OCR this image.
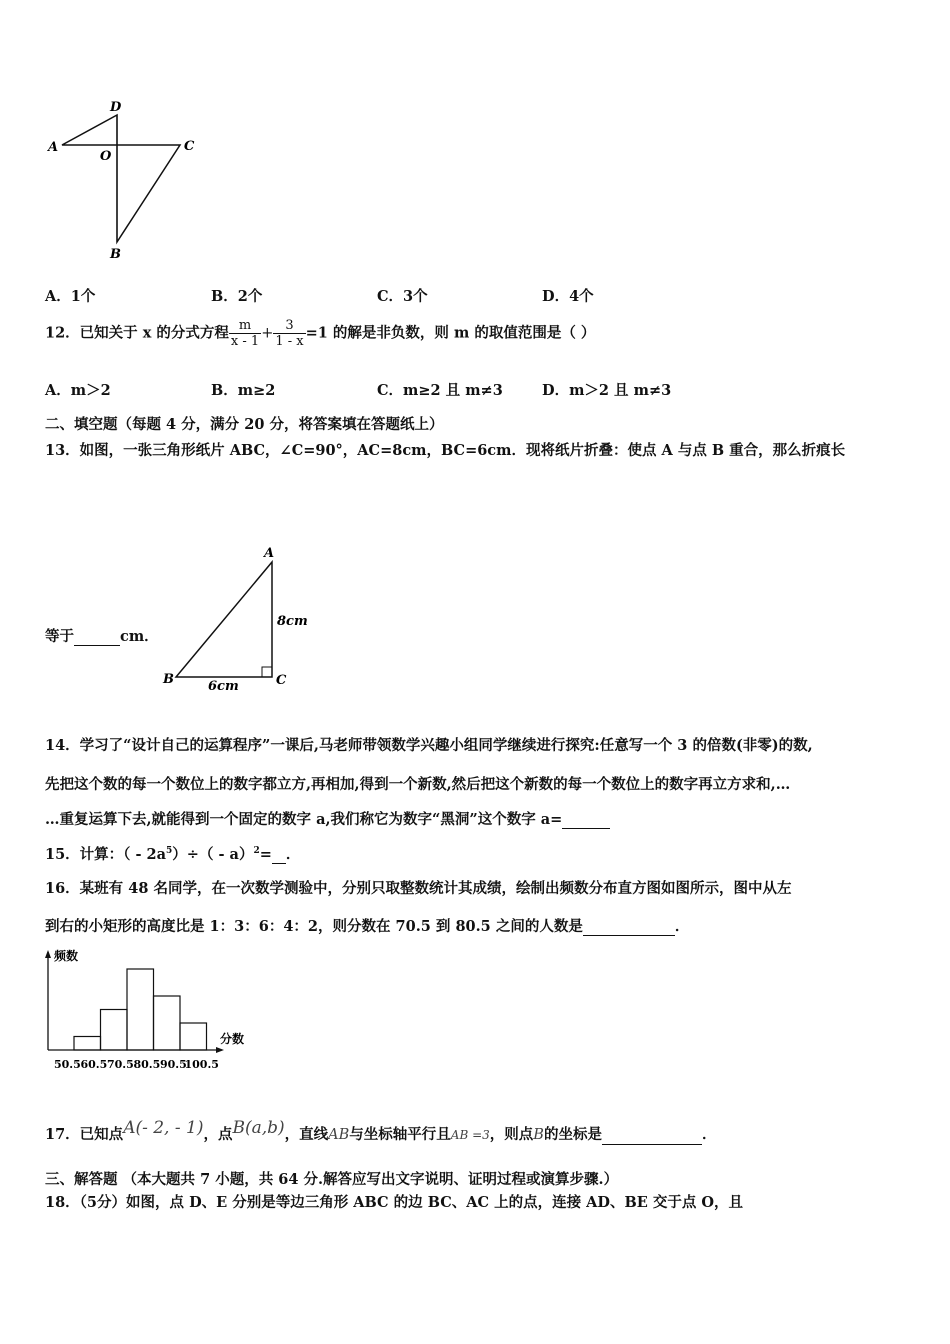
D
A	C
O
B
A
B	C
8cm
6cm
频数
分数
50.5 60.5 70.5 80.5 90.5
100.5
A．1个	B．2个	C．3个	D．4个
12．已知关于 x 的分式方程 $\frac{m}{x - 1} + \frac{3}{1 - x} =1$ 的解是非负数，则 m 的取值范围是（ ）
A．m＞2	B．m≥2	C．m≥2 且 m≠3	D．m＞2 且 m≠3
二、填空题（每题 4 分，满分 20 分，将答案填在答题纸上）
13．如图，一张三角形纸片 ABC，∠C=90°，AC=8cm，BC=6cm．现将纸片折叠：使点 A 与点 B 重合，那么折痕长
等于	cm．
14．学习了“设计自己的运算程序”一课后,马老师带领数学兴趣小组同学继续进行探究:任意写一个 3 的倍数(非零)的数,
先把这个数的每一个数位上的数字都立方,再相加,得到一个新数,然后把这个新数的每一个数位上的数字再立方求和,…
…重复运算下去,就能得到一个固定的数字 a,我们称它为数字“黑洞”这个数字 a=
15．计算：（ - $2a^5)\div( - a)^2=$ ．
16．某班有 48 名同学，在一次数学测验中，分别只取整数统计其成绩，绘制出频数分布直方图如图所示，图中从左
到右的小矩形的高度比是 1：3：6：4：2，则分数在 70.5 到 80.5 之间的人数是	．
17．已知点A(- 2, - 1)，点B(a,b)，直线AB与坐标轴平行且AB =3，则点B的坐标是	．
三、解答题 （本大题共 7 小题，共 64 分.解答应写出文字说明、证明过程或演算步骤.）
18．（5分）如图，点 D、E 分别是等边三角形 ABC 的边 BC、AC 上的点，连接 AD、BE 交于点 O，且
